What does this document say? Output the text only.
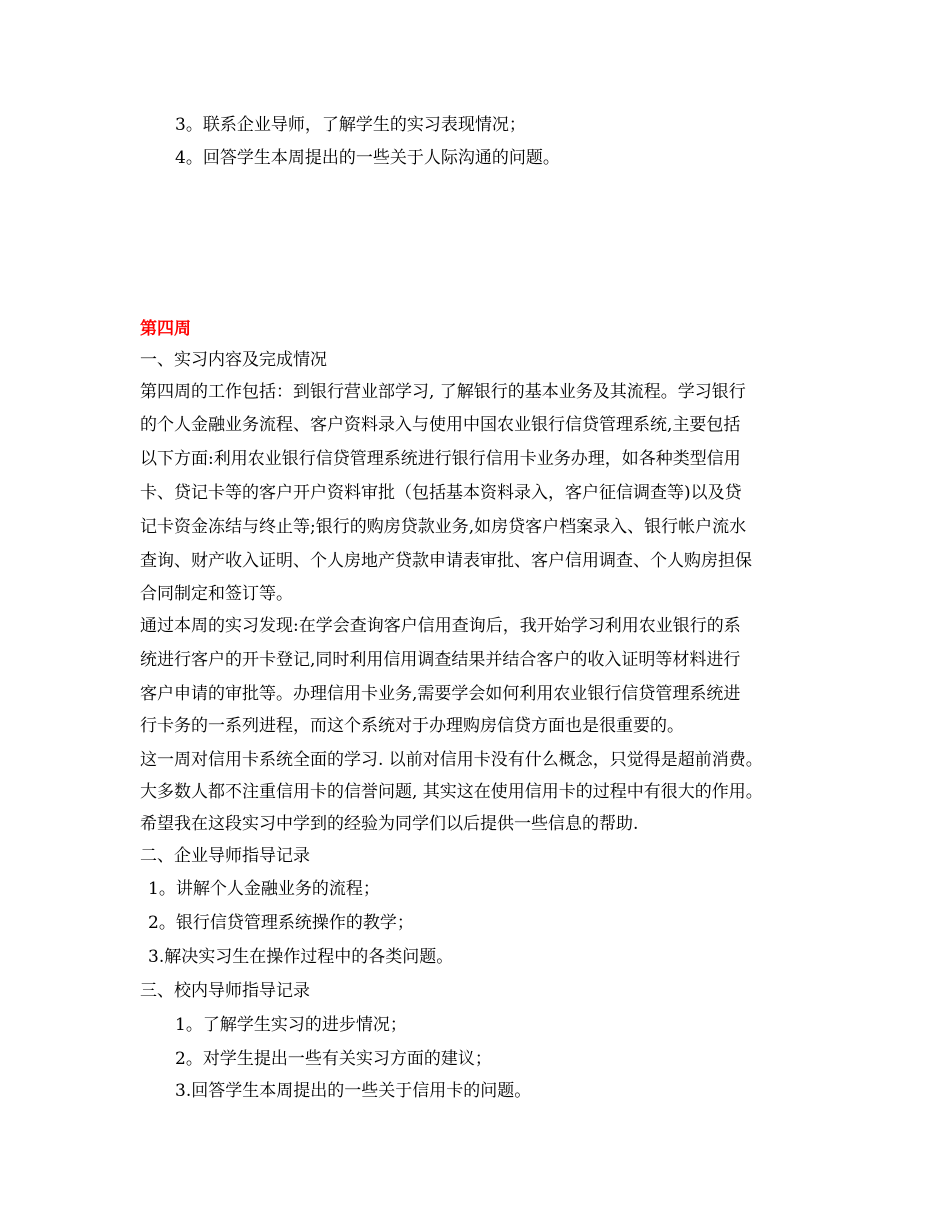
3。联系企业导师，了解学生的实习表现情况；
4。回答学生本周提出的一些关于人际沟通的问题。
第四周
一、实习内容及完成情况
第四周的工作包括：到银行营业部学习, 了解银行的基本业务及其流程。学习银行
的个人金融业务流程、客户资料录入与使用中国农业银行信贷管理系统,主要包括
以下方面:利用农业银行信贷管理系统进行银行信用卡业务办理，如各种类型信用
卡、贷记卡等的客户开户资料审批（包括基本资料录入，客户征信调查等)以及贷
记卡资金冻结与终止等;银行的购房贷款业务,如房贷客户档案录入、银行帐户流水
查询、财产收入证明、个人房地产贷款申请表审批、客户信用调查、个人购房担保
合同制定和签订等。
通过本周的实习发现:在学会查询客户信用查询后，我开始学习利用农业银行的系
统进行客户的开卡登记,同时利用信用调查结果并结合客户的收入证明等材料进行
客户申请的审批等。办理信用卡业务,需要学会如何利用农业银行信贷管理系统进
行卡务的一系列进程，而这个系统对于办理购房信贷方面也是很重要的。
这一周对信用卡系统全面的学习. 以前对信用卡没有什么概念，只觉得是超前消费。
大多数人都不注重信用卡的信誉问题, 其实这在使用信用卡的过程中有很大的作用。
希望我在这段实习中学到的经验为同学们以后提供一些信息的帮助.
二、企业导师指导记录
1。讲解个人金融业务的流程；
2。银行信贷管理系统操作的教学；
3.解决实习生在操作过程中的各类问题。
三、校内导师指导记录
1。了解学生实习的进步情况；
2。对学生提出一些有关实习方面的建议；
3.回答学生本周提出的一些关于信用卡的问题。
